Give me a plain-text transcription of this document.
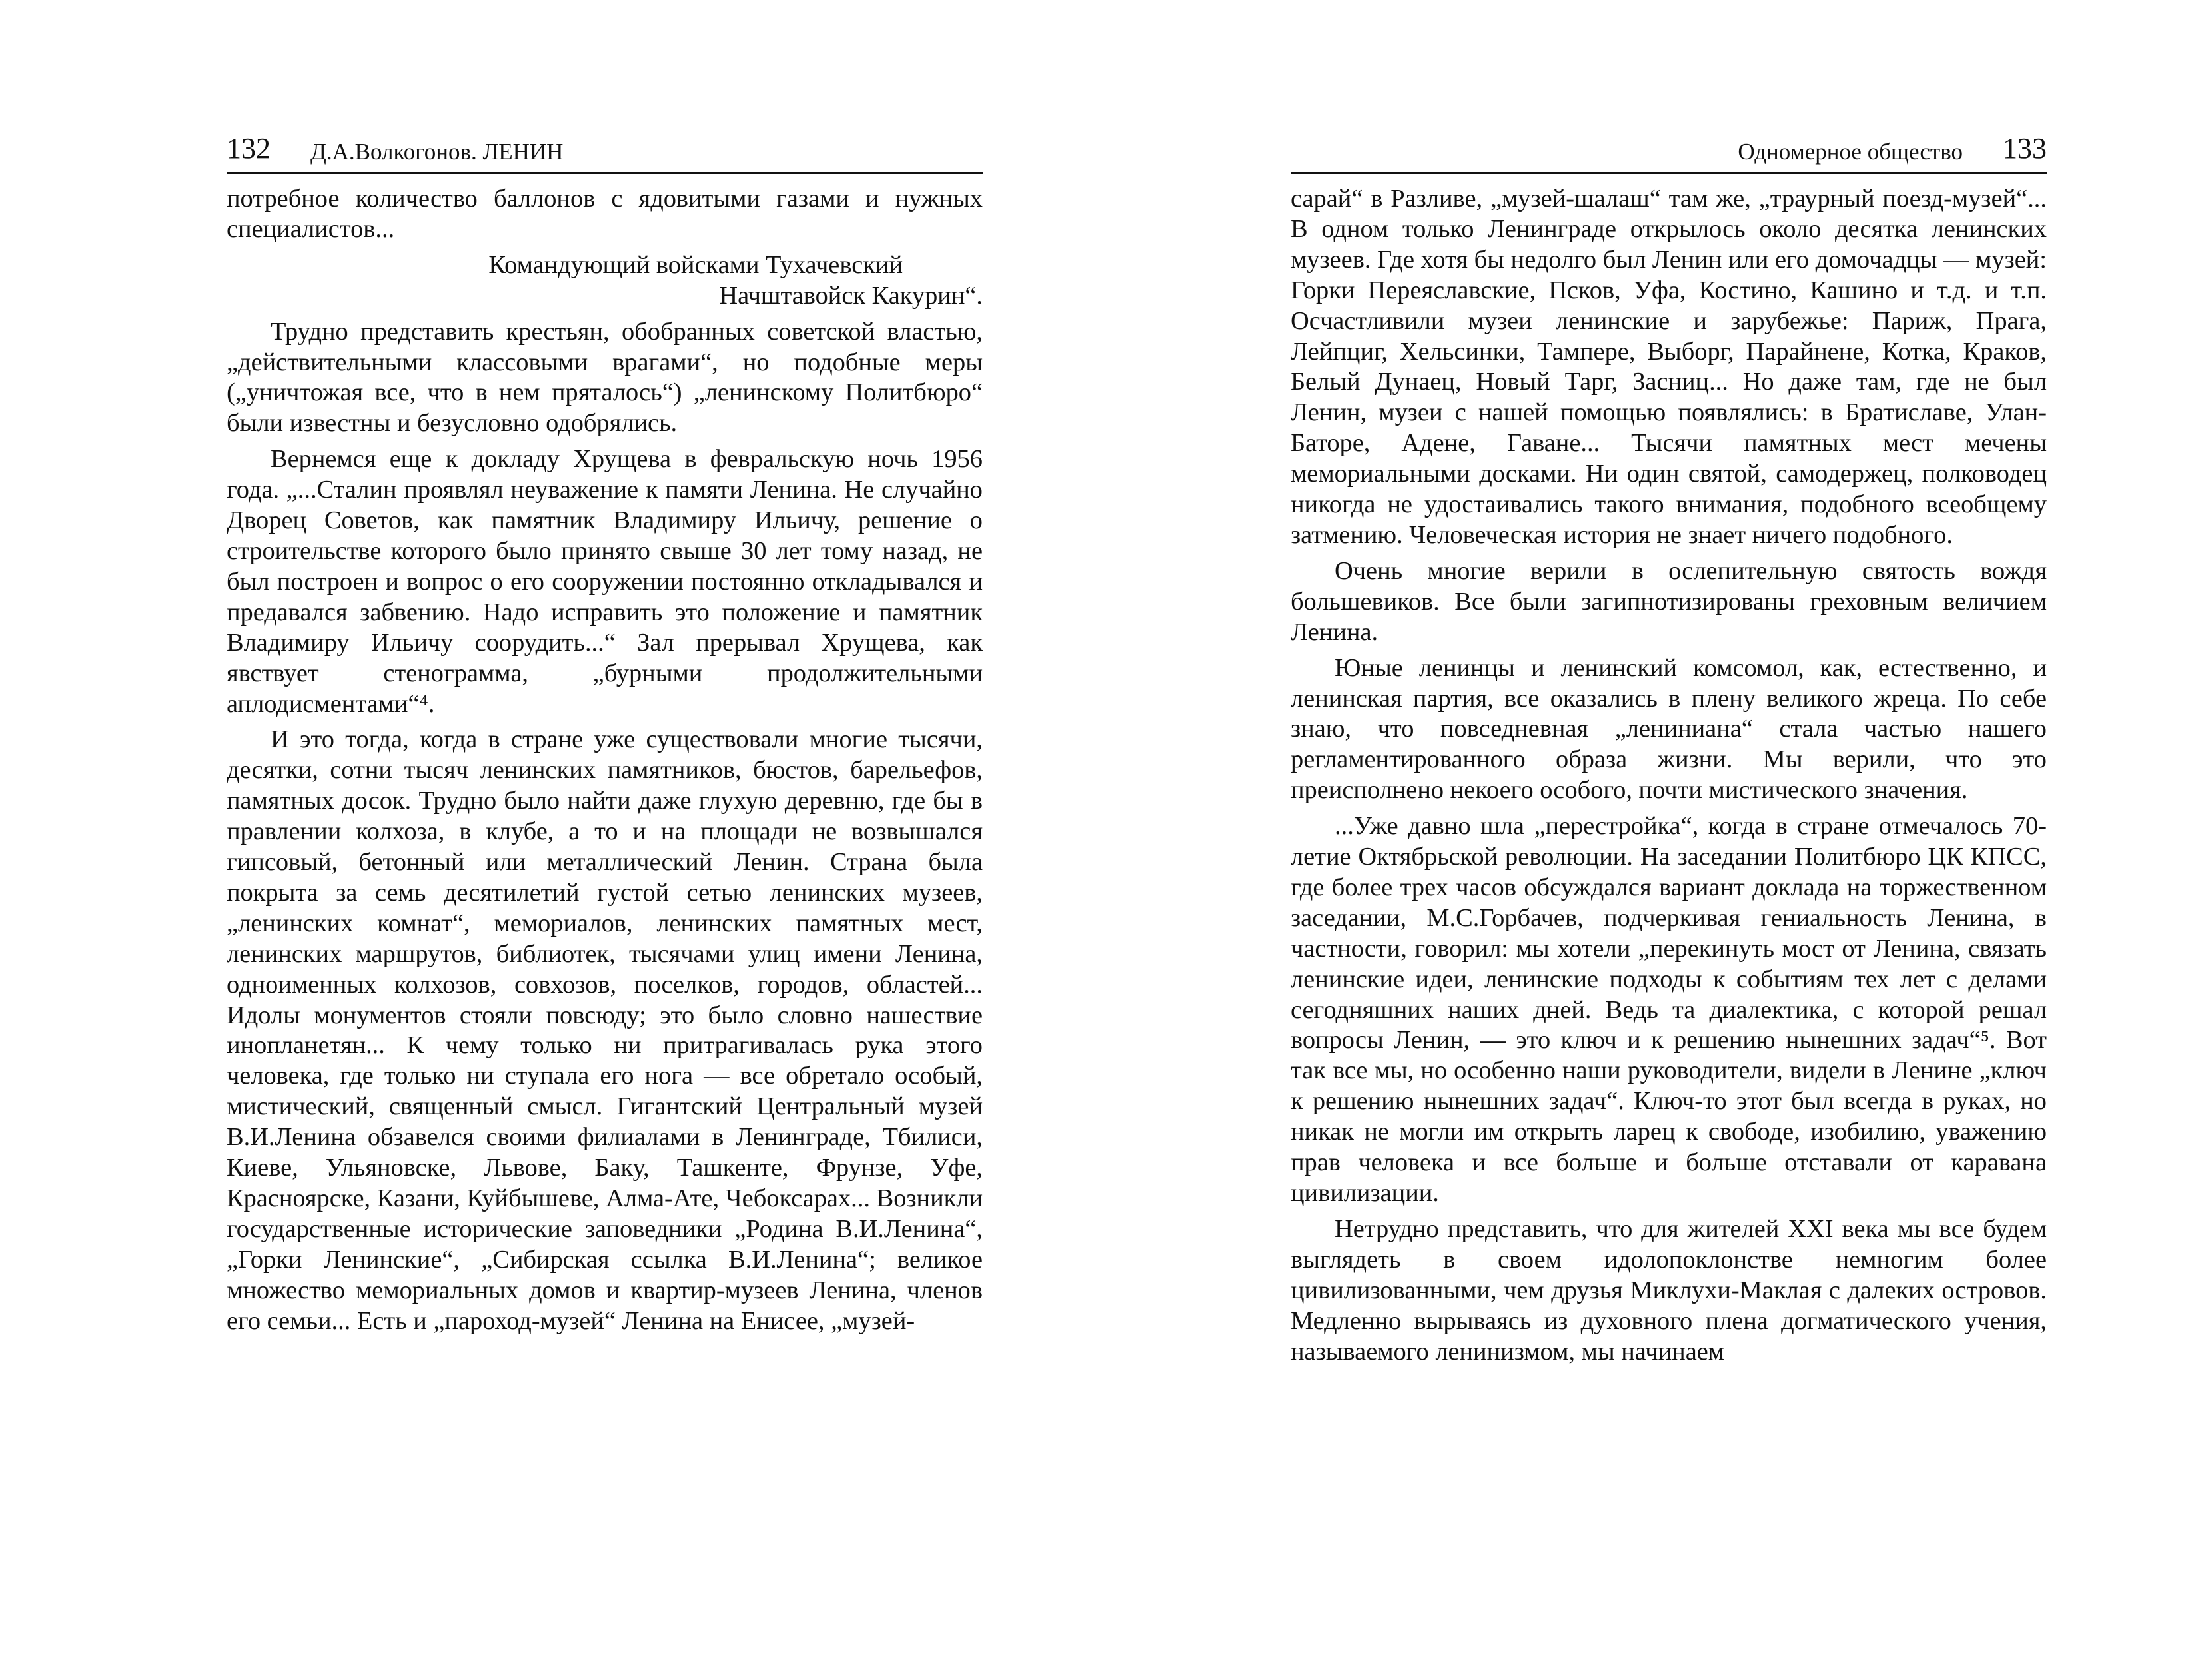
132 Д.А.Волкогонов. ЛЕНИН

потребное количество баллонов с ядовитыми газами и нужных специалистов...

Командующий войсками Тухачевский

Начштавойск Какурин“.

Трудно представить крестьян, обобранных советской властью, „действительными классовыми врагами“, но подобные меры („уничтожая все, что в нем пряталось“) „ленинскому Политбюро“ были известны и безусловно одобрялись.

Вернемся еще к докладу Хрущева в февральскую ночь 1956 года. „...Сталин проявлял неуважение к памяти Ленина. Не случайно Дворец Советов, как памятник Владимиру Ильичу, решение о строительстве которого было принято свыше 30 лет тому назад, не был построен и вопрос о его сооружении постоянно откладывался и предавался забвению. Надо исправить это положение и памятник Владимиру Ильичу соорудить...“ Зал прерывал Хрущева, как явствует стенограмма, „бурными продолжительными аплодисментами“⁴.

И это тогда, когда в стране уже существовали многие тысячи, десятки, сотни тысяч ленинских памятников, бюстов, барельефов, памятных досок. Трудно было найти даже глухую деревню, где бы в правлении колхоза, в клубе, а то и на площади не возвышался гипсовый, бетонный или металлический Ленин. Страна была покрыта за семь десятилетий густой сетью ленинских музеев, „ленинских комнат“, мемориалов, ленинских памятных мест, ленинских маршрутов, библиотек, тысячами улиц имени Ленина, одноименных колхозов, совхозов, поселков, городов, областей... Идолы монументов стояли повсюду; это было словно нашествие инопланетян... К чему только ни притрагивалась рука этого человека, где только ни ступала его нога — все обретало особый, мистический, священный смысл. Гигантский Центральный музей В.И.Ленина обзавелся своими филиалами в Ленинграде, Тбилиси, Киеве, Ульяновске, Львове, Баку, Ташкенте, Фрунзе, Уфе, Красноярске, Казани, Куйбышеве, Алма-Ате, Чебоксарах... Возникли государственные исторические заповедники „Родина В.И.Ленина“, „Горки Ленинские“, „Сибирская ссылка В.И.Ленина“; великое множество мемориальных домов и квартир-музеев Ленина, членов его семьи... Есть и „пароход-музей“ Ленина на Енисее, „музей-

Одномерное общество 133

сарай“ в Разливе, „музей-шалаш“ там же, „траурный поезд-музей“... В одном только Ленинграде открылось около десятка ленинских музеев. Где хотя бы недолго был Ленин или его домочадцы — музей: Горки Переяславские, Псков, Уфа, Костино, Кашино и т.д. и т.п. Осчастливили музеи ленинские и зарубежье: Париж, Прага, Лейпциг, Хельсинки, Тампере, Выборг, Парайнене, Котка, Краков, Белый Дунаец, Новый Тарг, Засниц... Но даже там, где не был Ленин, музеи с нашей помощью появлялись: в Братиславе, Улан-Баторе, Адене, Гаване... Тысячи памятных мест мечены мемориальными досками. Ни один святой, самодержец, полководец никогда не удостаивались такого внимания, подобного всеобщему затмению. Человеческая история не знает ничего подобного.

Очень многие верили в ослепительную святость вождя большевиков. Все были загипнотизированы греховным величием Ленина.

Юные ленинцы и ленинский комсомол, как, естественно, и ленинская партия, все оказались в плену великого жреца. По себе знаю, что повседневная „лениниана“ стала частью нашего регламентированного образа жизни. Мы верили, что это преисполнено некоего особого, почти мистического значения.

...Уже давно шла „перестройка“, когда в стране отмечалось 70-летие Октябрьской революции. На заседании Политбюро ЦК КПСС, где более трех часов обсуждался вариант доклада на торжественном заседании, М.С.Горбачев, подчеркивая гениальность Ленина, в частности, говорил: мы хотели „перекинуть мост от Ленина, связать ленинские идеи, ленинские подходы к событиям тех лет с делами сегодняшних наших дней. Ведь та диалектика, с которой решал вопросы Ленин, — это ключ и к решению нынешних задач“⁵. Вот так все мы, но особенно наши руководители, видели в Ленине „ключ к решению нынешних задач“. Ключ-то этот был всегда в руках, но никак не могли им открыть ларец к свободе, изобилию, уважению прав человека и все больше и больше отставали от каравана цивилизации.

Нетрудно представить, что для жителей XXI века мы все будем выглядеть в своем идолопоклонстве немногим более цивилизованными, чем друзья Миклухи-Маклая с далеких островов. Медленно вырываясь из духовного плена догматического учения, называемого ленинизмом, мы начинаем
